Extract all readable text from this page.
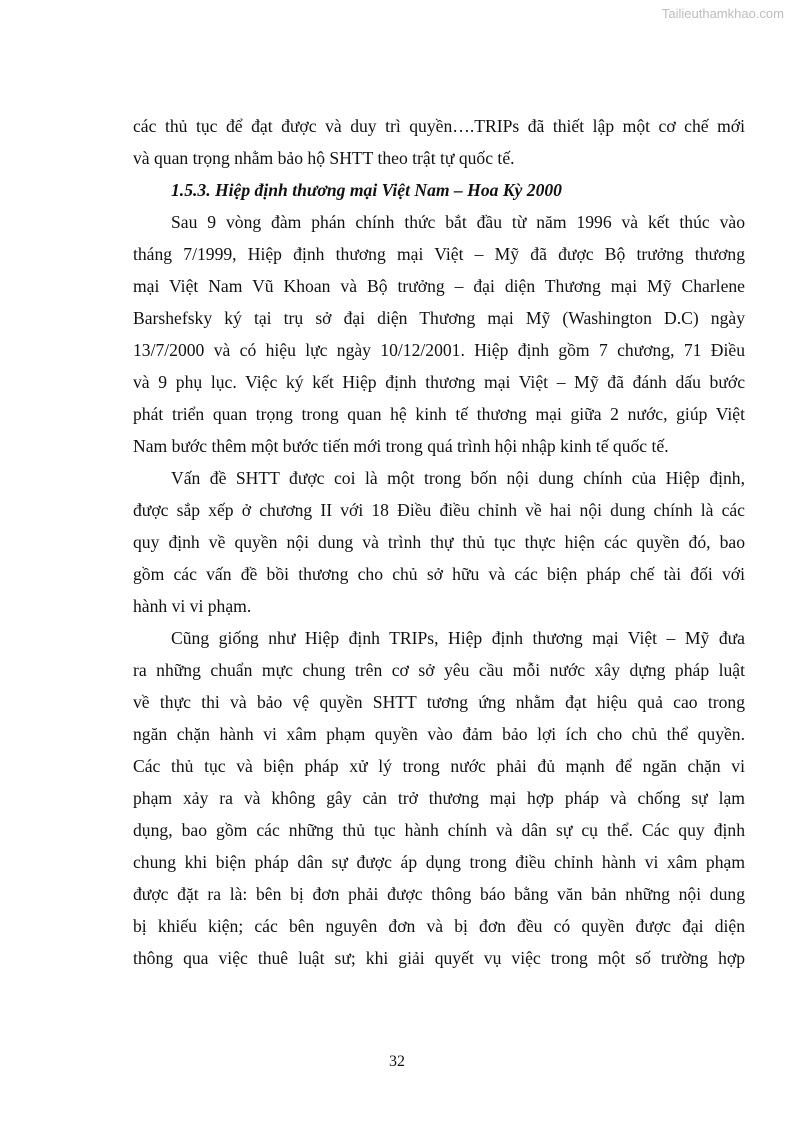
Tailieuthamkhao.com
các thủ tục để đạt được và duy trì quyền….TRIPs đã thiết lập một cơ chế mới
và quan trọng nhằm bảo hộ SHTT theo trật tự quốc tế.
1.5.3. Hiệp định thương mại Việt Nam – Hoa Kỳ 2000
Sau 9 vòng đàm phán chính thức bắt đầu từ năm 1996 và kết thúc vào
tháng 7/1999, Hiệp định thương mại Việt – Mỹ đã được Bộ trưởng thương
mại Việt Nam Vũ Khoan và Bộ trưởng – đại diện Thương mại Mỹ Charlene
Barshefsky ký tại trụ sở đại diện Thương mại Mỹ (Washington D.C) ngày
13/7/2000 và có hiệu lực ngày 10/12/2001. Hiệp định gồm 7 chương, 71 Điều
và 9 phụ lục. Việc ký kết Hiệp định thương mại Việt – Mỹ đã đánh dấu bước
phát triển quan trọng trong quan hệ kinh tế thương mại giữa 2 nước, giúp Việt
Nam bước thêm một bước tiến mới trong quá trình hội nhập kinh tế quốc tế.
Vấn đề SHTT được coi là một trong bốn nội dung chính của Hiệp định,
được sắp xếp ở chương II với 18 Điều điều chỉnh về hai nội dung chính là các
quy định về quyền nội dung và trình thự thủ tục thực hiện các quyền đó, bao
gồm các vấn đề bồi thương cho chủ sở hữu và các biện pháp chế tài đối với
hành vi vi phạm.
Cũng giống như Hiệp định TRIPs, Hiệp định thương mại Việt – Mỹ đưa
ra những chuẩn mực chung trên cơ sở yêu cầu mỗi nước xây dựng pháp luật
về thực thi và bảo vệ quyền SHTT tương ứng nhằm đạt hiệu quả cao trong
ngăn chặn hành vi xâm phạm quyền vào đảm bảo lợi ích cho chủ thể quyền.
Các thủ tục và biện pháp xử lý trong nước phải đủ mạnh để ngăn chặn vi
phạm xảy ra và không gây cản trở thương mại hợp pháp và chống sự lạm
dụng, bao gồm các những thủ tục hành chính và dân sự cụ thể. Các quy định
chung khi biện pháp dân sự được áp dụng trong điều chỉnh hành vi xâm phạm
được đặt ra là: bên bị đơn phải được thông báo bằng văn bản những nội dung
bị khiếu kiện; các bên nguyên đơn và bị đơn đều có quyền được đại diện
thông qua việc thuê luật sư; khi giải quyết vụ việc trong một số trường hợp
32
